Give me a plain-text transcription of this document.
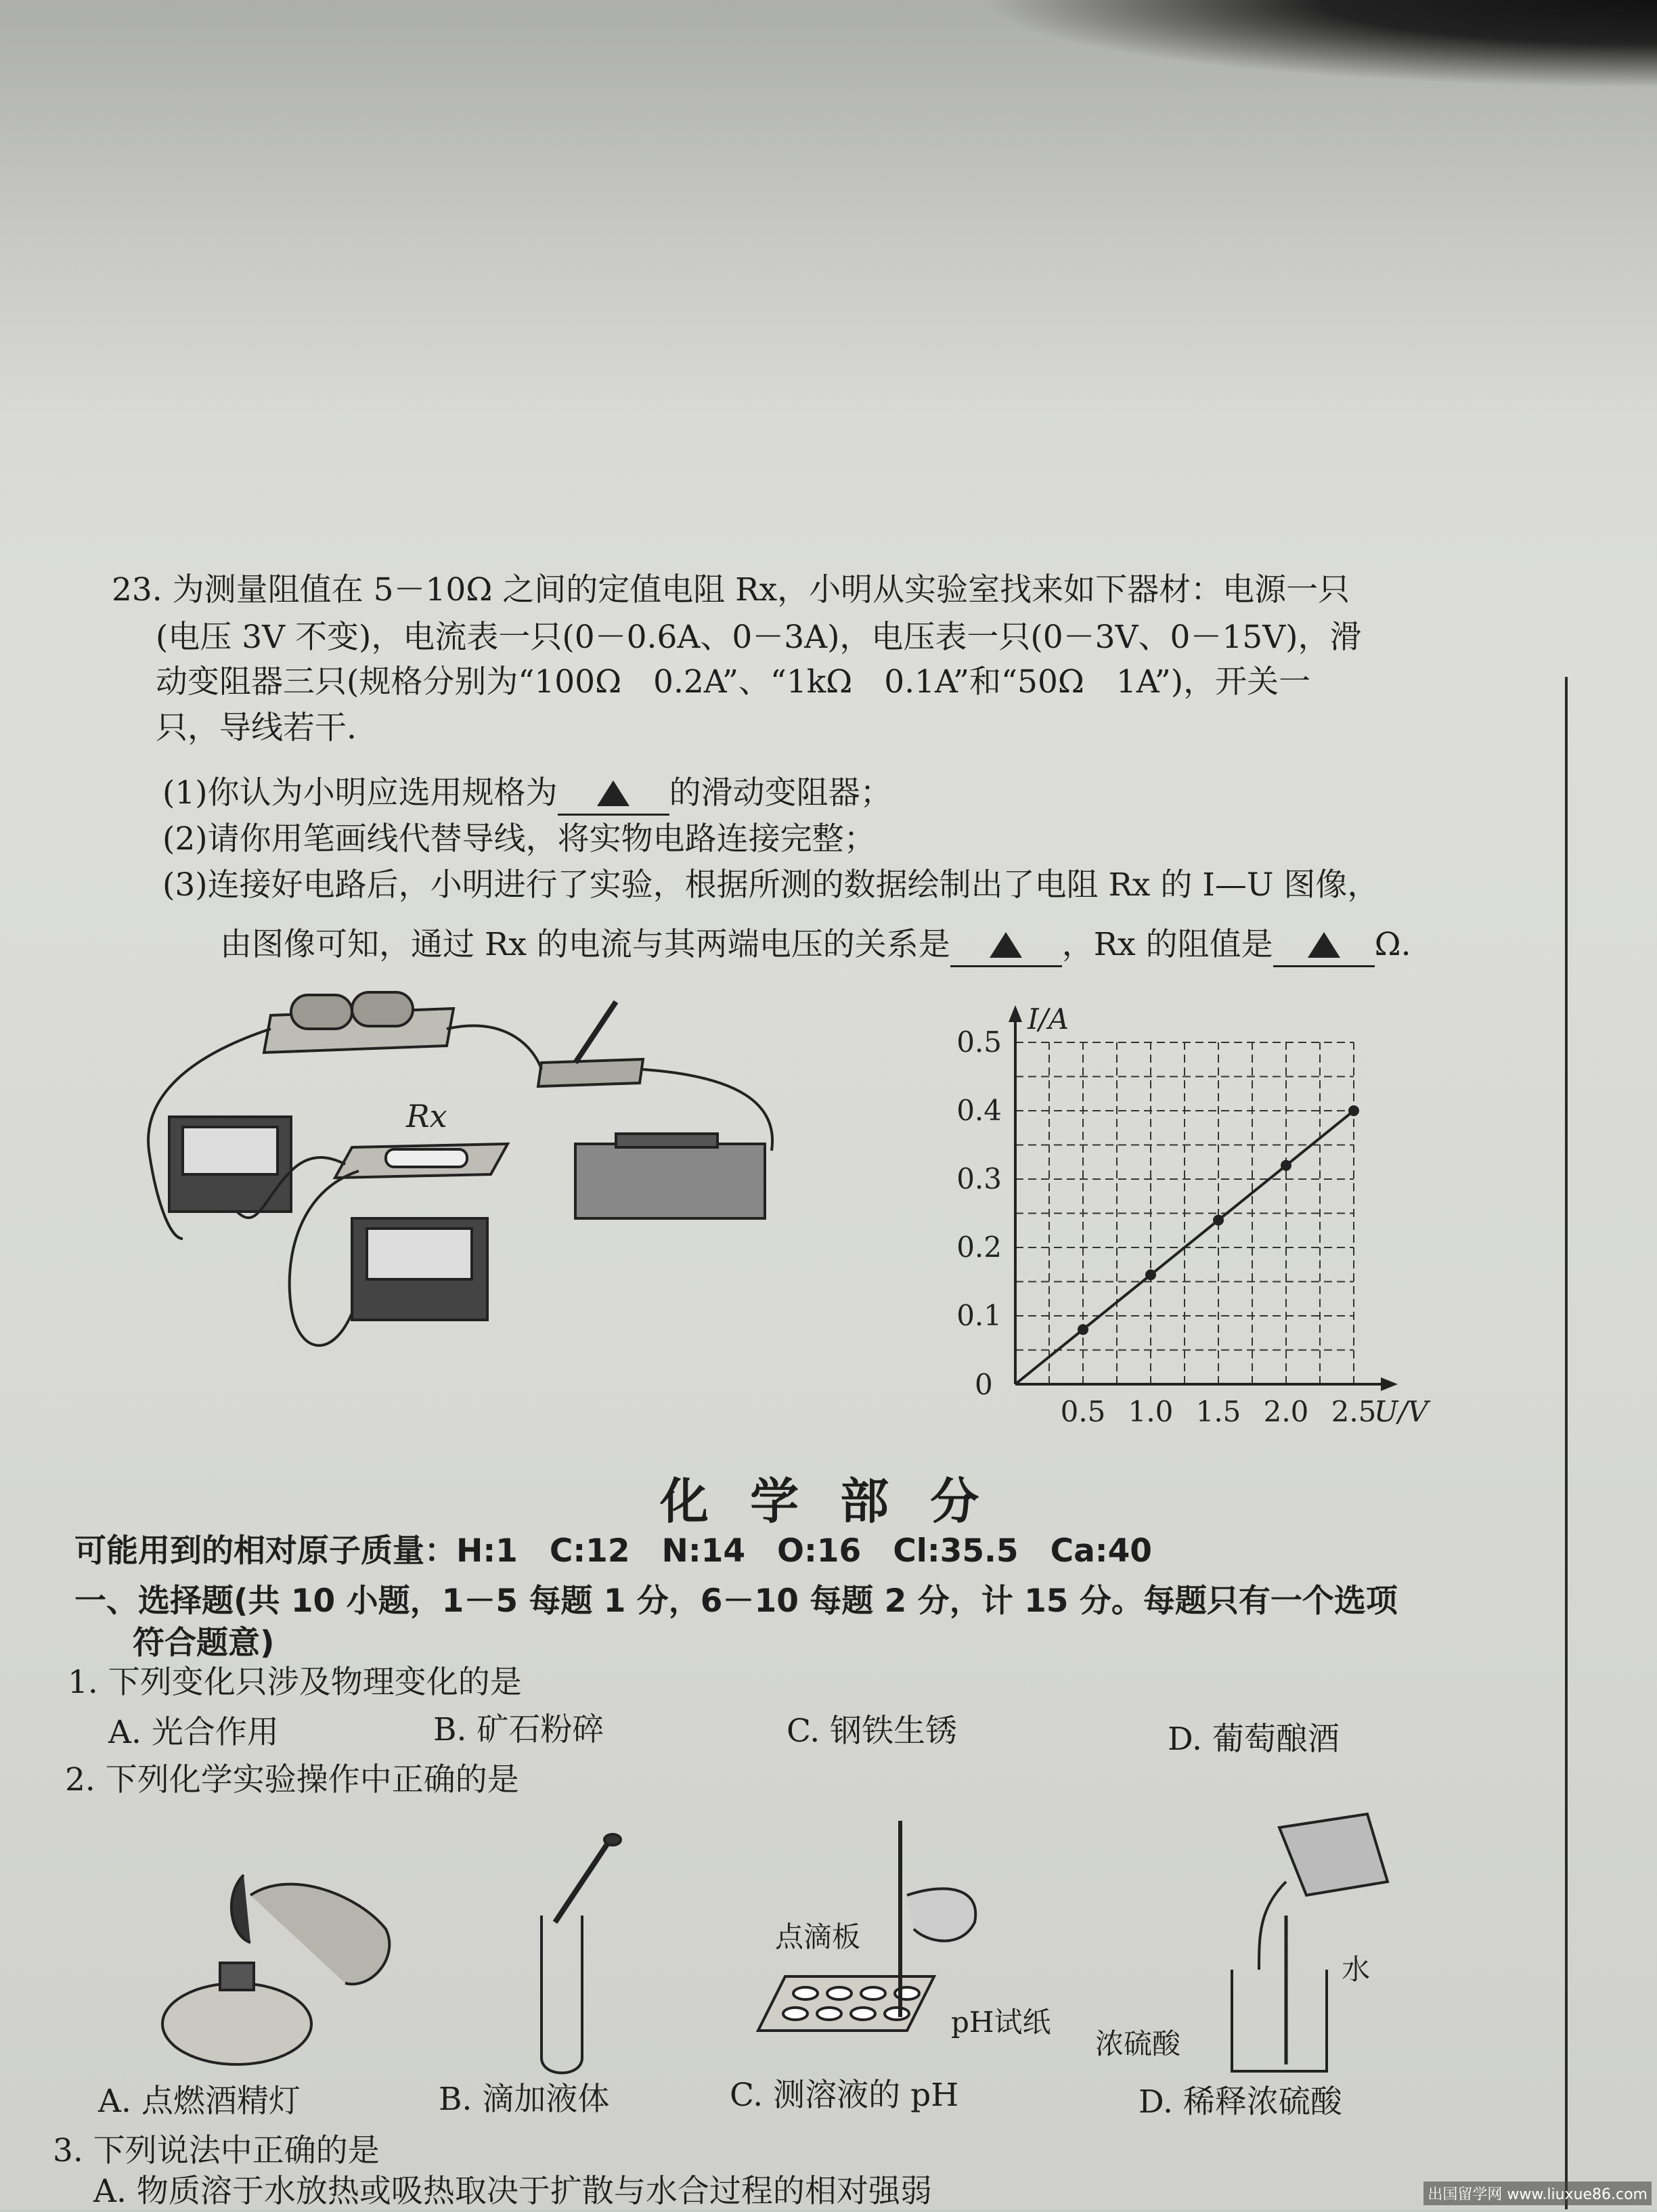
23. 为测量阻值在 5－10Ω 之间的定值电阻 Rx，小明从实验室找来如下器材：电源一只
(电压 3V 不变)，电流表一只(0－0.6A、0－3A)，电压表一只(0－3V、0－15V)，滑
动变阻器三只(规格分别为“100Ω　0.2A”、“1kΩ　0.1A”和“50Ω　1A”)，开关一
只，导线若干.
(1)你认为小明应选用规格为	的滑动变阻器；
(2)请你用笔画线代替导线，将实物电路连接完整；
(3)连接好电路后，小明进行了实验，根据所测的数据绘制出了电阻 Rx 的 I—U 图像，
由图像可知，通过 Rx 的电流与其两端电压的关系是	，Rx 的阻值是	Ω.
Rx
0
0.5 1.0 1.5 2.0 2.5
0.1
0.2
0.3
0.4
0.5
I/A
U/V
化 学 部 分
可能用到的相对原子质量：H:1　C:12　N:14　O:16　Cl:35.5　Ca:40
一、选择题(共 10 小题，1－5 每题 1 分，6－10 每题 2 分，计 15 分。每题只有一个选项
符合题意)
1. 下列变化只涉及物理变化的是
A. 光合作用	B. 矿石粉碎	C. 钢铁生锈	D. 葡萄酿酒
2. 下列化学实验操作中正确的是
点滴板
pH试纸
水
浓硫酸
A. 点燃酒精灯	B. 滴加液体	C. 测溶液的 pH	D. 稀释浓硫酸
3. 下列说法中正确的是
A. 物质溶于水放热或吸热取决于扩散与水合过程的相对强弱	出国留学网 www.liuxue86.com
